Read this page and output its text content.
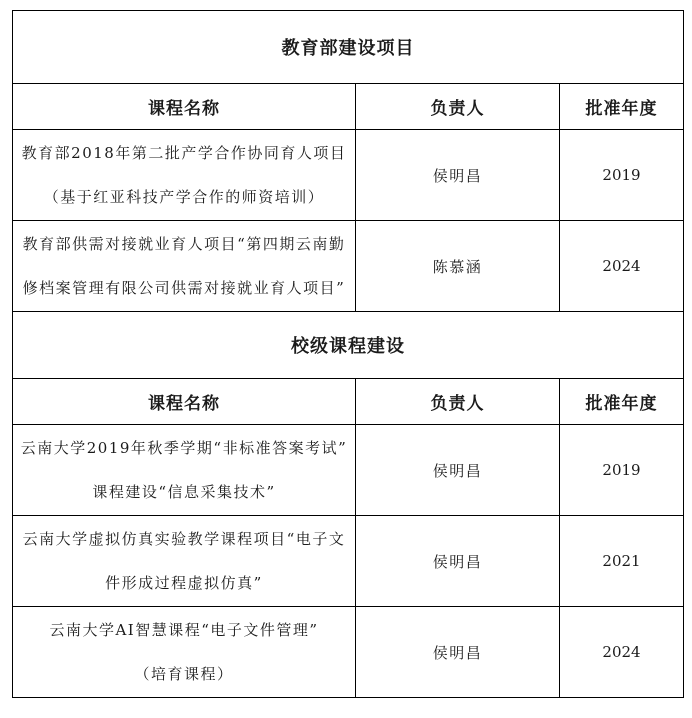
教育部建设项目		
课程名称	负责人	批准年度

教育部2018年第二批产学合作协同育人项目
（基于红亚科技产学合作的师资培训）	侯明昌	2019

教育部供需对接就业育人项目“第四期云南勤
修档案管理有限公司供需对接就业育人项目”	陈慕涵	2024
校级课程建设		
课程名称	负责人	批准年度

云南大学2019年秋季学期“非标准答案考试”
课程建设“信息采集技术”	侯明昌	2019

云南大学虚拟仿真实验教学课程项目“电子文
件形成过程虚拟仿真”	侯明昌	2021

云南大学AI智慧课程“电子文件管理”
（培育课程）	侯明昌	2024
